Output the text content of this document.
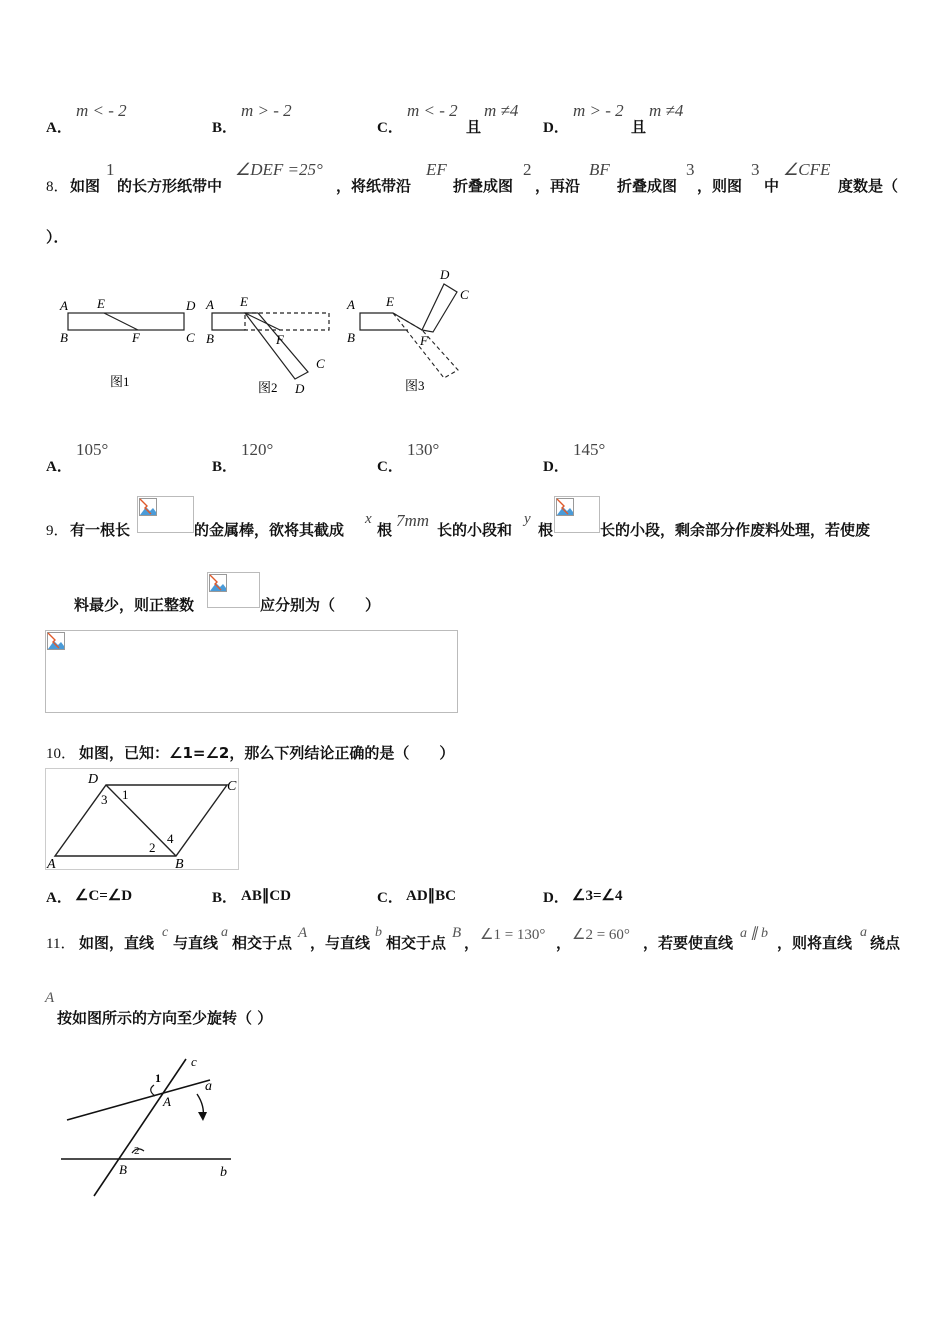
A．
m < - 2
B．
m > - 2
C．
m < - 2
且
m ≠4
D．
m > - 2
且
m ≠4
8． 如图
1
的长方形纸带中
∠DEF =25°
，将纸带沿
EF
折叠成图
2
，再沿
BF
折叠成图
3
，则图
3
中
∠CFE
度数是（
）．
A
B
E
F
D
C
图1
A
B
E
F
C
D
图2
A
B
E
F
D
C
图3
A．
105°
B．
120°
C．
130°
D．
145°
9． 有一根长	的金属棒，欲将其截成
x
根 7mm 长的小段和
y
根	长的小段，剩余部分作废料处理，若使废
料最少，则正整数	应分别为（　　）
10． 如图，已知：∠1=∠2，那么下列结论正确的是（　　）
A	B
C
D
1
2
3
4
A． ∠C=∠D	B． AB∥CD	C． AD∥BC	D． ∠3=∠4
11． 如图，直线
c
与直线
a
相交于点
A
，与直线
b
相交于点
B
， ∠1 = 130° ， ∠2 = 60° ，若要使直线
a ∥ b
，则将直线
a
绕点
A
按如图所示的方向至少旋转（ ）
c
a
b
A
B
1
2
